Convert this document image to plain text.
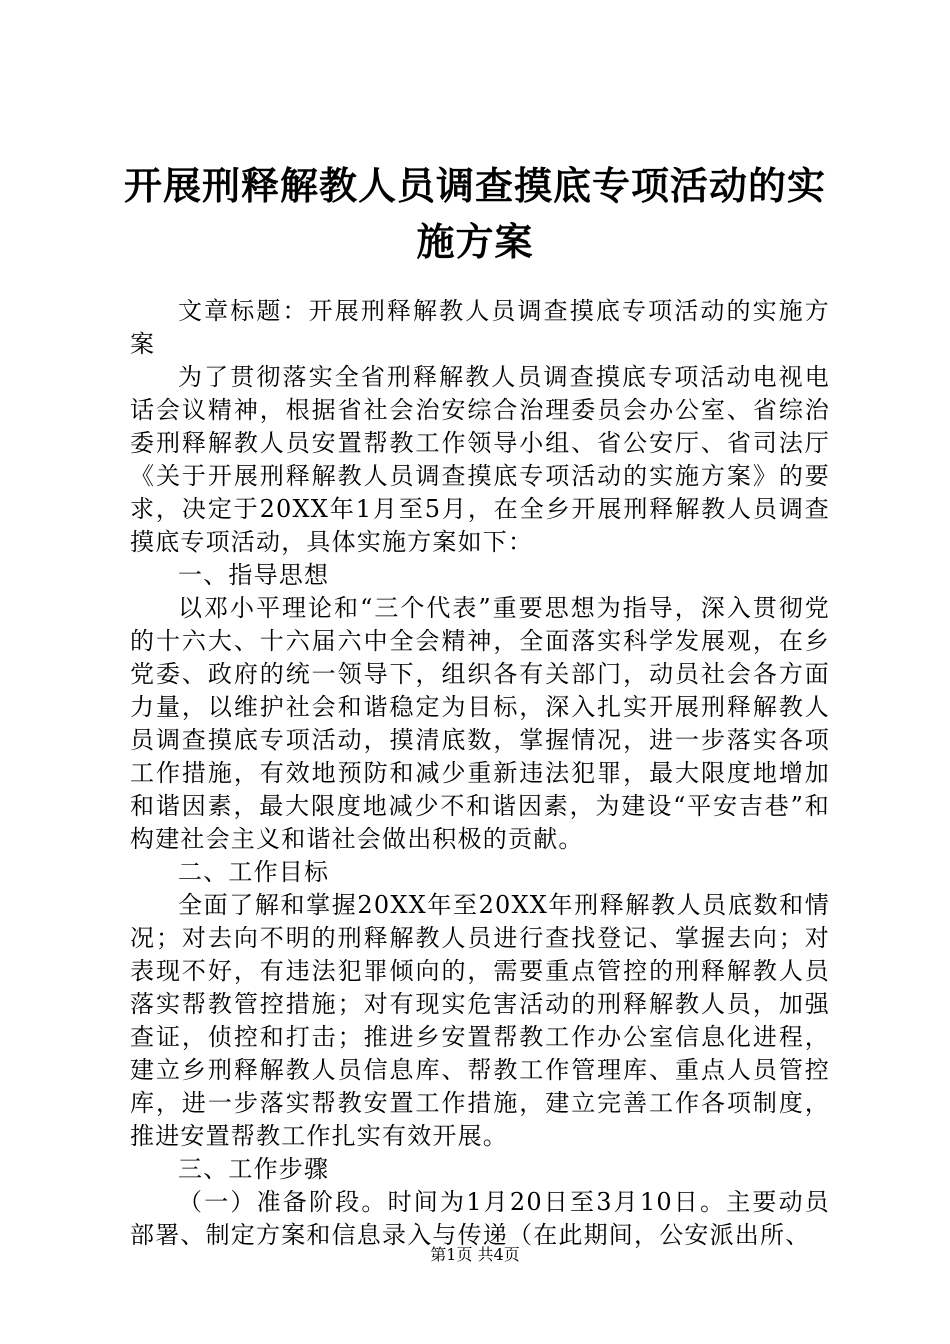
开展刑释解教人员调查摸底专项活动的实施方案

文章标题：开展刑释解教人员调查摸底专项活动的实施方案

为了贯彻落实全省刑释解教人员调查摸底专项活动电视电话会议精神，根据省社会治安综合治理委员会办公室、省综治委刑释解教人员安置帮教工作领导小组、省公安厅、省司法厅《关于开展刑释解教人员调查摸底专项活动的实施方案》的要求，决定于20XX年1月至5月，在全乡开展刑释解教人员调查摸底专项活动，具体实施方案如下：

一、指导思想

以邓小平理论和“三个代表”重要思想为指导，深入贯彻党的十六大、十六届六中全会精神，全面落实科学发展观，在乡党委、政府的统一领导下，组织各有关部门，动员社会各方面力量，以维护社会和谐稳定为目标，深入扎实开展刑释解教人员调查摸底专项活动，摸清底数，掌握情况，进一步落实各项工作措施，有效地预防和减少重新违法犯罪，最大限度地增加和谐因素，最大限度地减少不和谐因素，为建设“平安吉巷”和构建社会主义和谐社会做出积极的贡献。

二、工作目标

全面了解和掌握20XX年至20XX年刑释解教人员底数和情况；对去向不明的刑释解教人员进行查找登记、掌握去向；对表现不好，有违法犯罪倾向的，需要重点管控的刑释解教人员落实帮教管控措施；对有现实危害活动的刑释解教人员，加强查证，侦控和打击；推进乡安置帮教工作办公室信息化进程，建立乡刑释解教人员信息库、帮教工作管理库、重点人员管控库，进一步落实帮教安置工作措施，建立完善工作各项制度，推进安置帮教工作扎实有效开展。

三、工作步骤

（一）准备阶段。时间为1月20日至3月10日。主要动员部署、制定方案和信息录入与传递（在此期间，公安派出所、

第1页 共4页
